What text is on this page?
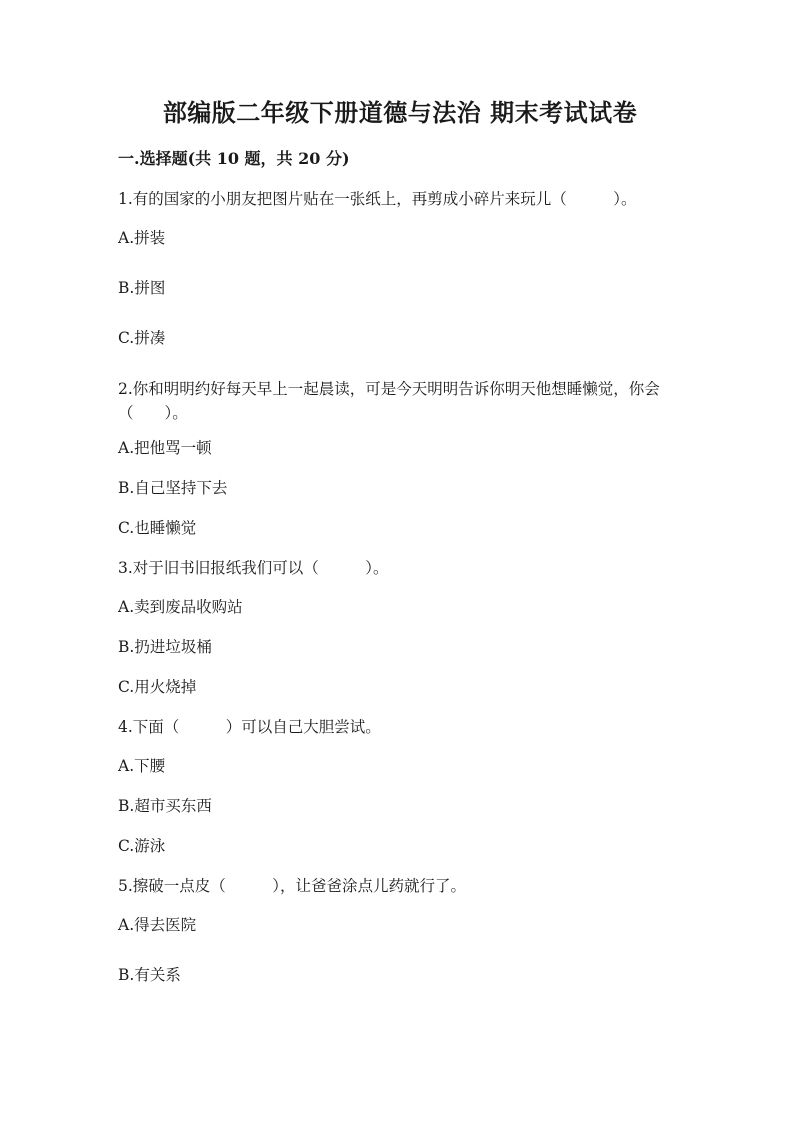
部编版二年级下册道德与法治 期末考试试卷
一.选择题(共 10 题，共 20 分)
1.有的国家的小朋友把图片贴在一张纸上，再剪成小碎片来玩儿（　　　）。
A.拼装
B.拼图
C.拼凑
2.你和明明约好每天早上一起晨读，可是今天明明告诉你明天他想睡懒觉，你会（　　）。
A.把他骂一顿
B.自己坚持下去
C.也睡懒觉
3.对于旧书旧报纸我们可以（　　　）。
A.卖到废品收购站
B.扔进垃圾桶
C.用火烧掉
4.下面（　　　）可以自己大胆尝试。
A.下腰
B.超市买东西
C.游泳
5.擦破一点皮（　　　），让爸爸涂点儿药就行了。
A.得去医院
B.有关系
